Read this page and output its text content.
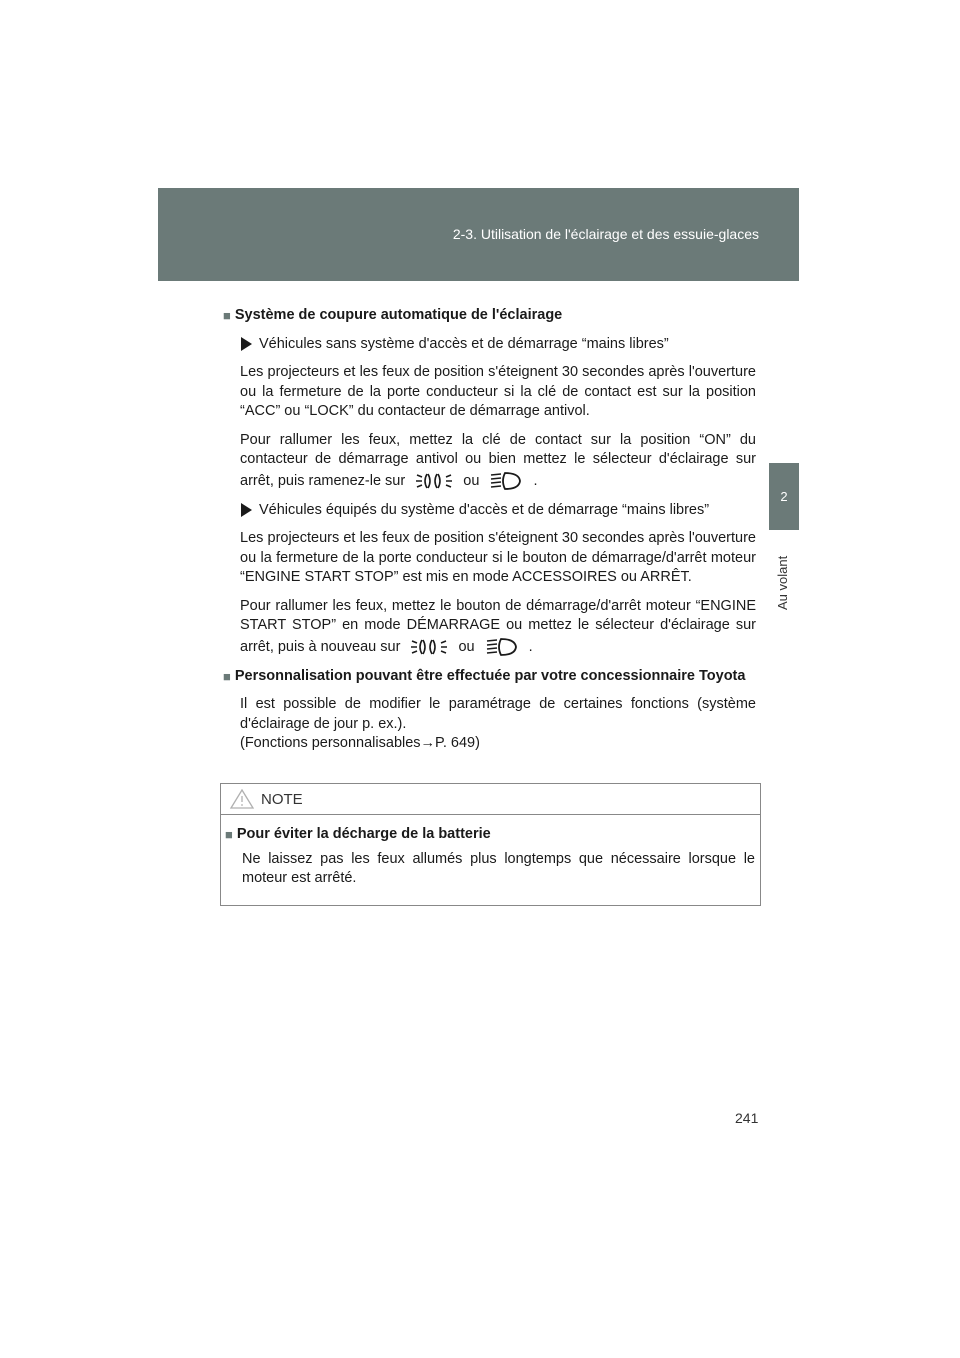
2-3. Utilisation de l'éclairage et des essuie-glaces
2
Au volant
■ Système de coupure automatique de l'éclairage
Véhicules sans système d'accès et de démarrage “mains libres”

Les projecteurs et les feux de position s'éteignent 30 secondes après l'ouverture ou la fermeture de la porte conducteur si la clé de contact est sur la position “ACC” ou “LOCK” du contacteur de démarrage antivol.

Pour rallumer les feux, mettez la clé de contact sur la position “ON” du contacteur de démarrage antivol ou bien mettez le sélecteur d'éclairage sur arrêt, puis ramenez-le sur	ou	.

Véhicules équipés du système d'accès et de démarrage “mains libres”

Les projecteurs et les feux de position s'éteignent 30 secondes après l'ouverture ou la fermeture de la porte conducteur si le bouton de démarrage/d'arrêt moteur “ENGINE START STOP” est mis en mode ACCESSOIRES ou ARRÊT.

Pour rallumer les feux, mettez le bouton de démarrage/d'arrêt moteur “ENGINE START STOP” en mode DÉMARRAGE ou mettez le sélecteur d'éclairage sur arrêt, puis à nouveau sur	ou	.

■ Personnalisation pouvant être effectuée par votre concessionnaire Toyota

Il est possible de modifier le paramétrage de certaines fonctions (système d'éclairage de jour p. ex.).
(Fonctions personnalisables→P. 649)

NOTE
■ Pour éviter la décharge de la batterie

Ne laissez pas les feux allumés plus longtemps que nécessaire lorsque le moteur est arrêté.

241
